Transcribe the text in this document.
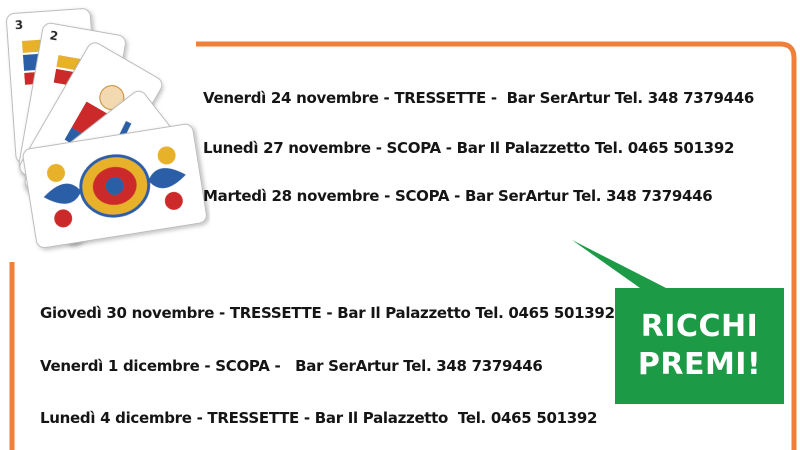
3
2
Venerdì 24 novembre - TRESSETTE -  Bar SerArtur Tel. 348 7379446
Lunedì 27 novembre - SCOPA - Bar Il Palazzetto Tel. 0465 501392
Martedì 28 novembre - SCOPA - Bar SerArtur Tel. 348 7379446
Giovedì 30 novembre - TRESSETTE - Bar Il Palazzetto Tel. 0465 501392
Venerdì 1 dicembre - SCOPA -   Bar SerArtur Tel. 348 7379446
Lunedì 4 dicembre - TRESSETTE - Bar Il Palazzetto  Tel. 0465 501392
RICCHI
PREMI!
